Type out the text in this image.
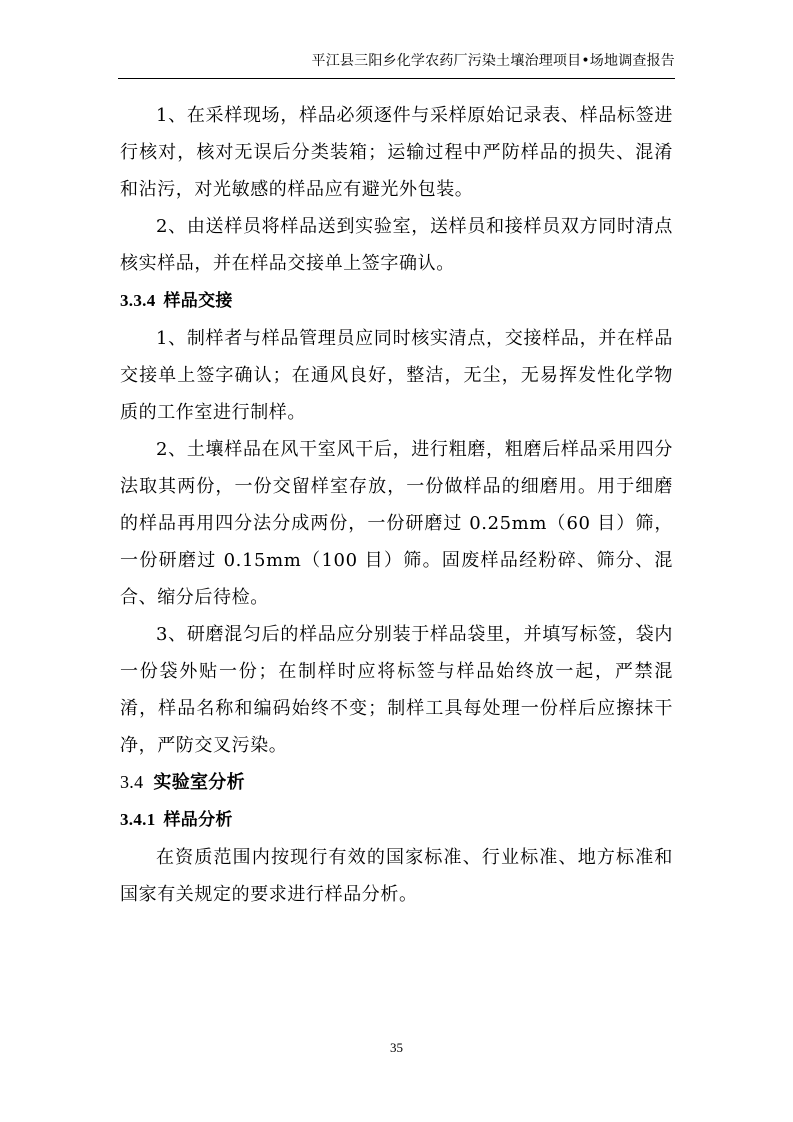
平江县三阳乡化学农药厂污染土壤治理项目•场地调查报告

1、在采样现场，样品必须逐件与采样原始记录表、样品标签进行核对，核对无误后分类装箱；运输过程中严防样品的损失、混淆和沾污，对光敏感的样品应有避光外包装。

2、由送样员将样品送到实验室，送样员和接样员双方同时清点核实样品，并在样品交接单上签字确认。

3.3.4 样品交接

1、制样者与样品管理员应同时核实清点，交接样品，并在样品交接单上签字确认；在通风良好，整洁，无尘，无易挥发性化学物质的工作室进行制样。

2、土壤样品在风干室风干后，进行粗磨，粗磨后样品采用四分法取其两份，一份交留样室存放，一份做样品的细磨用。用于细磨的样品再用四分法分成两份，一份研磨过 0.25mm（60 目）筛，一份研磨过 0.15mm（100 目）筛。固废样品经粉碎、筛分、混合、缩分后待检。

3、研磨混匀后的样品应分别装于样品袋里，并填写标签，袋内一份袋外贴一份；在制样时应将标签与样品始终放一起，严禁混淆，样品名称和编码始终不变；制样工具每处理一份样后应擦抹干净，严防交叉污染。

3.4 实验室分析
3.4.1 样品分析

在资质范围内按现行有效的国家标准、行业标准、地方标准和国家有关规定的要求进行样品分析。

35
